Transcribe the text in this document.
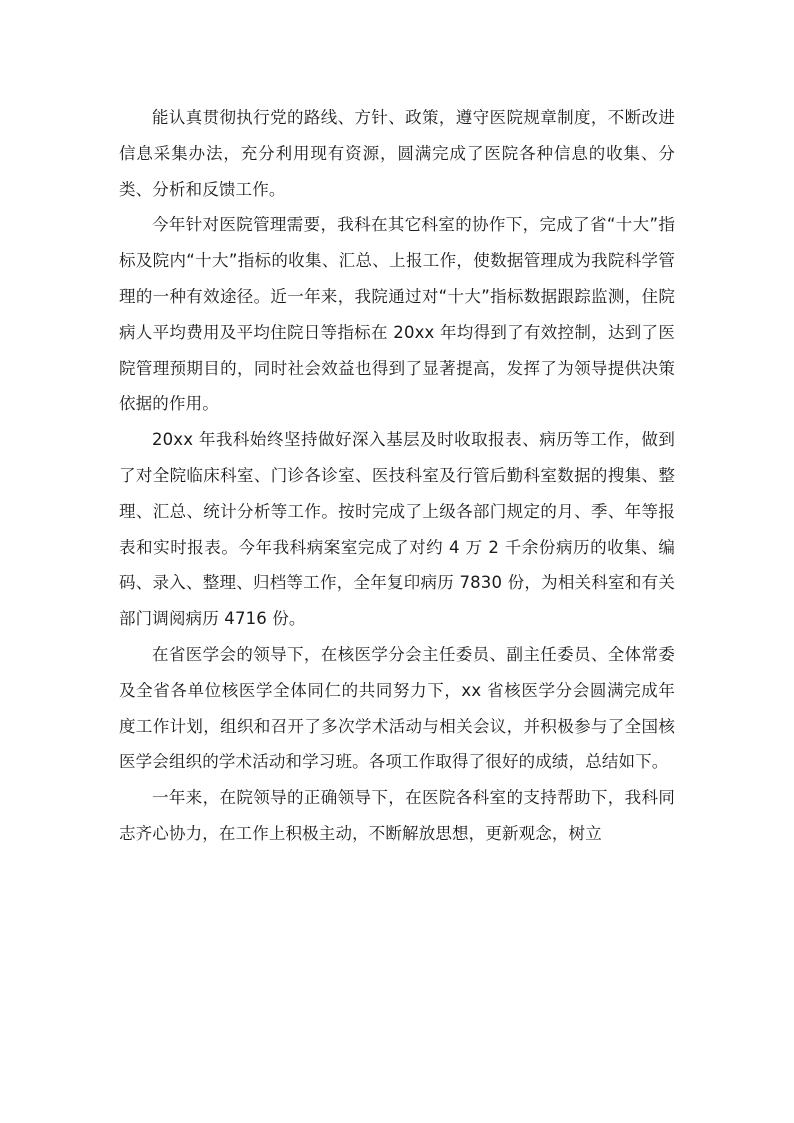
能认真贯彻执行党的路线、方针、政策，遵守医院规章制度，不断改进信息采集办法，充分利用现有资源，圆满完成了医院各种信息的收集、分类、分析和反馈工作。

今年针对医院管理需要，我科在其它科室的协作下，完成了省“十大”指标及院内“十大”指标的收集、汇总、上报工作，使数据管理成为我院科学管理的一种有效途径。近一年来，我院通过对“十大”指标数据跟踪监测，住院病人平均费用及平均住院日等指标在 20xx 年均得到了有效控制，达到了医院管理预期目的，同时社会效益也得到了显著提高，发挥了为领导提供决策依据的作用。

20xx 年我科始终坚持做好深入基层及时收取报表、病历等工作，做到了对全院临床科室、门诊各诊室、医技科室及行管后勤科室数据的搜集、整理、汇总、统计分析等工作。按时完成了上级各部门规定的月、季、年等报表和实时报表。今年我科病案室完成了对约 4 万 2 千余份病历的收集、编码、录入、整理、归档等工作，全年复印病历 7830 份，为相关科室和有关部门调阅病历 4716 份。

在省医学会的领导下，在核医学分会主任委员、副主任委员、全体常委及全省各单位核医学全体同仁的共同努力下，xx 省核医学分会圆满完成年度工作计划，组织和召开了多次学术活动与相关会议，并积极参与了全国核医学会组织的学术活动和学习班。各项工作取得了很好的成绩，总结如下。

一年来，在院领导的正确领导下，在医院各科室的支持帮助下，我科同志齐心协力，在工作上积极主动，不断解放思想，更新观念，树立
